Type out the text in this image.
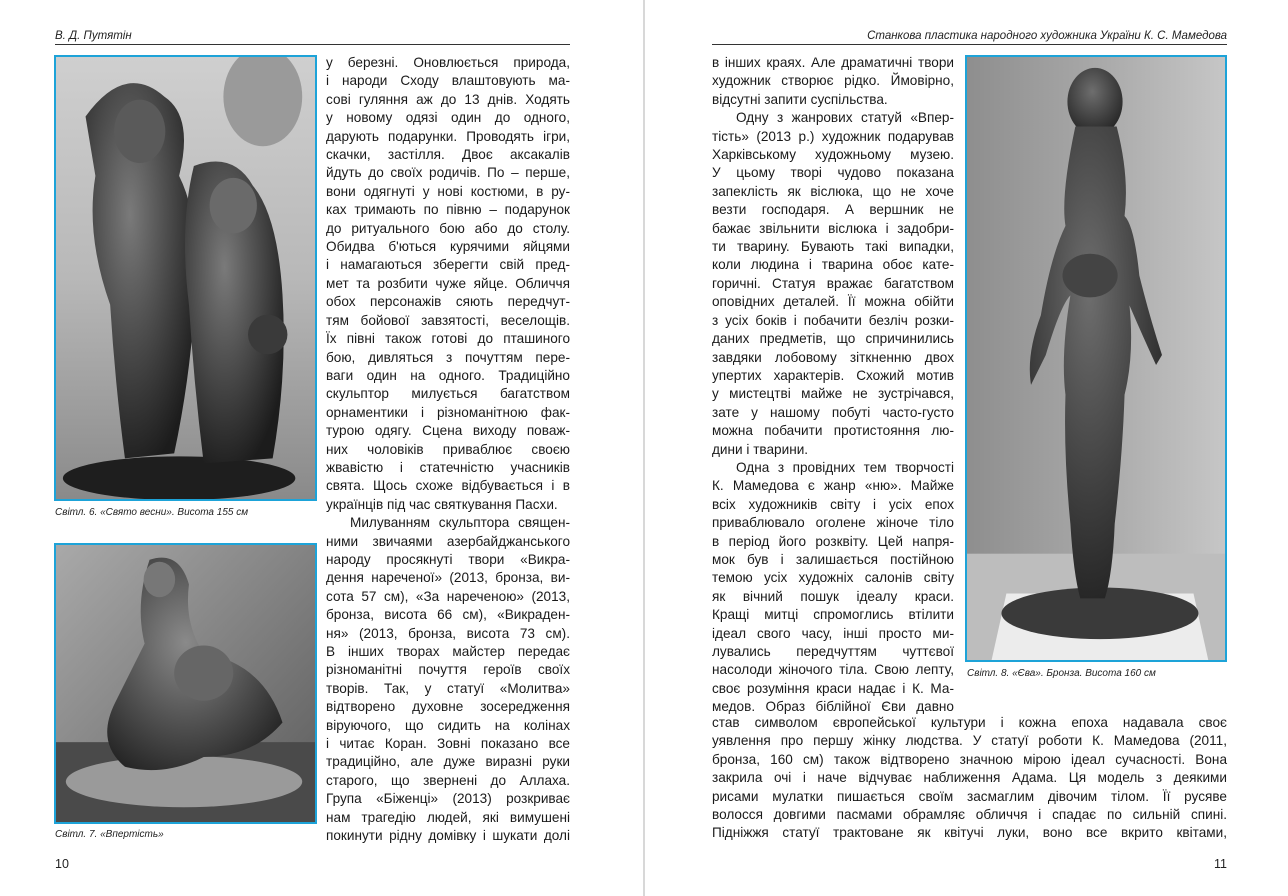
В. Д. Путятін
Світл. 6. «Свято весни». Висота 155 см
Світл. 7. «Впертість»

у березні. Оновлюється природа,

і народи Сходу влаштовують ма-

сові гуляння аж до 13 днів. Ходять

у новому одязі один до одного,

дарують подарунки. Проводять ігри,

скачки, застілля. Двоє аксакалів

йдуть до своїх родичів. По – перше,

вони одягнуті у нові костюми, в ру-

ках тримають по півню – подарунок

до ритуального бою або до столу.

Обидва б'ються курячими яйцями

і намагаються зберегти свій пред-

мет та розбити чуже яйце. Обличчя

обох персонажів сяють передчут-

тям бойової завзятості, веселощів.

Їх півні також готові до пташиного

бою, дивляться з почуттям пере-

ваги один на одного. Традиційно

скульптор милується багатством

орнаментики і різноманітною фак-

турою одягу. Сцена виходу поваж-

них чоловіків приваблює своєю

жвавістю і статечністю учасників

свята. Щось схоже відбувається і в

українців під час святкування Пасхи.

Милуванням скульптора священ-

ними звичаями азербайджанського

народу просякнуті твори «Викра-

дення нареченої» (2013, бронза, ви-

сота 57 см), «За нареченою» (2013,

бронза, висота 66 см), «Викраден-

ня» (2013, бронза, висота 73 см).

В інших творах майстер передає

різноманітні почуття героїв своїх

творів. Так, у статуї «Молитва»

відтворено духовне зосередження

віруючого, що сидить на колінах

і читає Коран. Зовні показано все

традиційно, але дуже виразні руки

старого, що звернені до Аллаха.

Група «Біженці» (2013) розкриває

нам трагедію людей, які вимушені

покинути рідну домівку і шукати долі

10
Станкова пластика народного художника України К. С. Мамедова

в інших краях. Але драматичні твори

художник створює рідко. Ймовірно,

відсутні запити суспільства.

Одну з жанрових статуй «Впер-

тість» (2013 р.) художник подарував

Харківському художньому музею.

У цьому творі чудово показана

запеклість як віслюка, що не хоче

везти господаря. А вершник не

бажає звільнити віслюка і задобри-

ти тварину. Бувають такі випадки,

коли людина і тварина обоє кате-

горичні. Статуя вражає багатством

оповідних деталей. Її можна обійти

з усіх боків і побачити безліч розки-

даних предметів, що спричинились

завдяки лобовому зіткненню двох

упертих характерів. Схожий мотив

у мистецтві майже не зустрічався,

зате у нашому побуті часто-густо

можна побачити протистояння лю-

дини і тварини.

Одна з провідних тем творчості

К. Мамедова є жанр «ню». Майже

всіх художників світу і усіх епох

приваблювало оголене жіноче тіло

в період його розквіту. Цей напря-

мок був і залишається постійною

темою усіх художніх салонів світу

як вічний пошук ідеалу краси.

Кращі митці спромоглись втілити

ідеал свого часу, інші просто ми-

лувались передчуттям чуттєвої

насолоди жіночого тіла. Свою лепту,

своє розуміння краси надає і К. Ма-

медов. Образ біблійної Єви давно

Світл. 8. «Єва». Бронза. Висота 160 см

став символом європейської культури і кожна епоха надавала своє

уявлення про першу жінку людства. У статуї роботи К. Мамедова (2011,

бронза, 160 см) також відтворено значною мірою ідеал сучасності. Вона

закрила очі і наче відчуває наближення Адама. Ця модель з деякими

рисами мулатки пишається своїм засмаглим дівочим тілом. Її русяве

волосся довгими пасмами обрамляє обличчя і спадає по сильній спині.

Підніжжя статуї трактоване як квітучі луки, воно все вкрито квітами,

11
